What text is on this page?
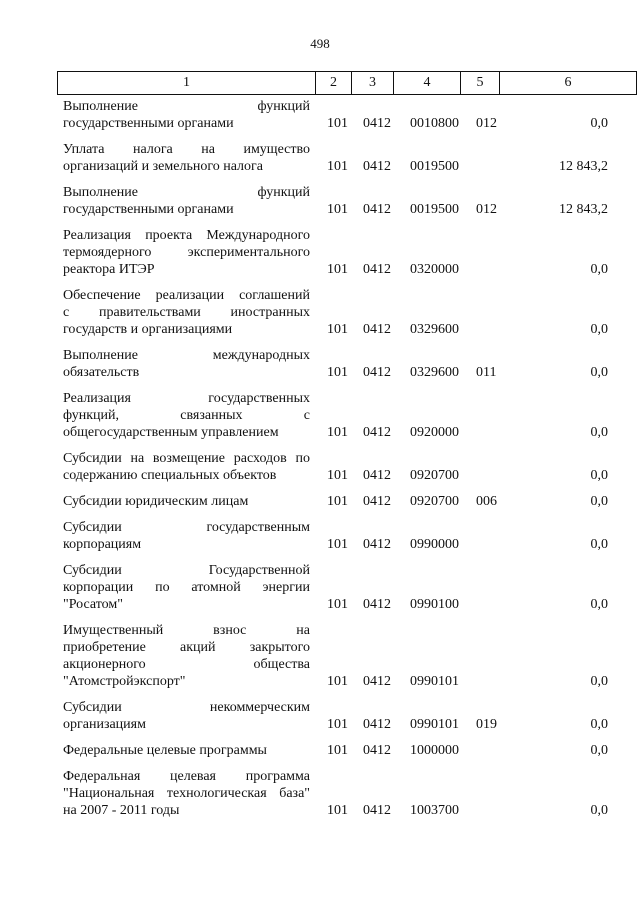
498
1	2	3	4	5	6
Выполнение функций
государственными органами	101 0412 0010800 012	0,0
Уплата налога на имущество
организаций и земельного налога	101 0412 0019500	12 843,2
Выполнение функций
государственными органами	101 0412 0019500 012	12 843,2
Реализация проекта Международного
термоядерного экспериментального
реактора ИТЭР	101 0412 0320000	0,0
Обеспечение реализации соглашений
с правительствами иностранных
государств и организациями	101 0412 0329600	0,0
Выполнение международных
обязательств	101 0412 0329600 011	0,0
Реализация государственных
функций, связанных с
общегосударственным управлением	101 0412 0920000	0,0
Субсидии на возмещение расходов по
содержанию специальных объектов	101 0412 0920700	0,0
Субсидии юридическим лицам	101 0412 0920700 006	0,0
Субсидии государственным
корпорациям	101 0412 0990000	0,0
Субсидии Государственной
корпорации по атомной энергии
"Росатом"	101 0412 0990100	0,0
Имущественный взнос на
приобретение акций закрытого
акционерного общества
"Атомстройэкспорт"	101 0412 0990101	0,0
Субсидии некоммерческим
организациям	101 0412 0990101 019	0,0
Федеральные целевые программы	101 0412 1000000	0,0
Федеральная целевая программа
"Национальная технологическая база"
на 2007 - 2011 годы	101 0412 1003700	0,0
